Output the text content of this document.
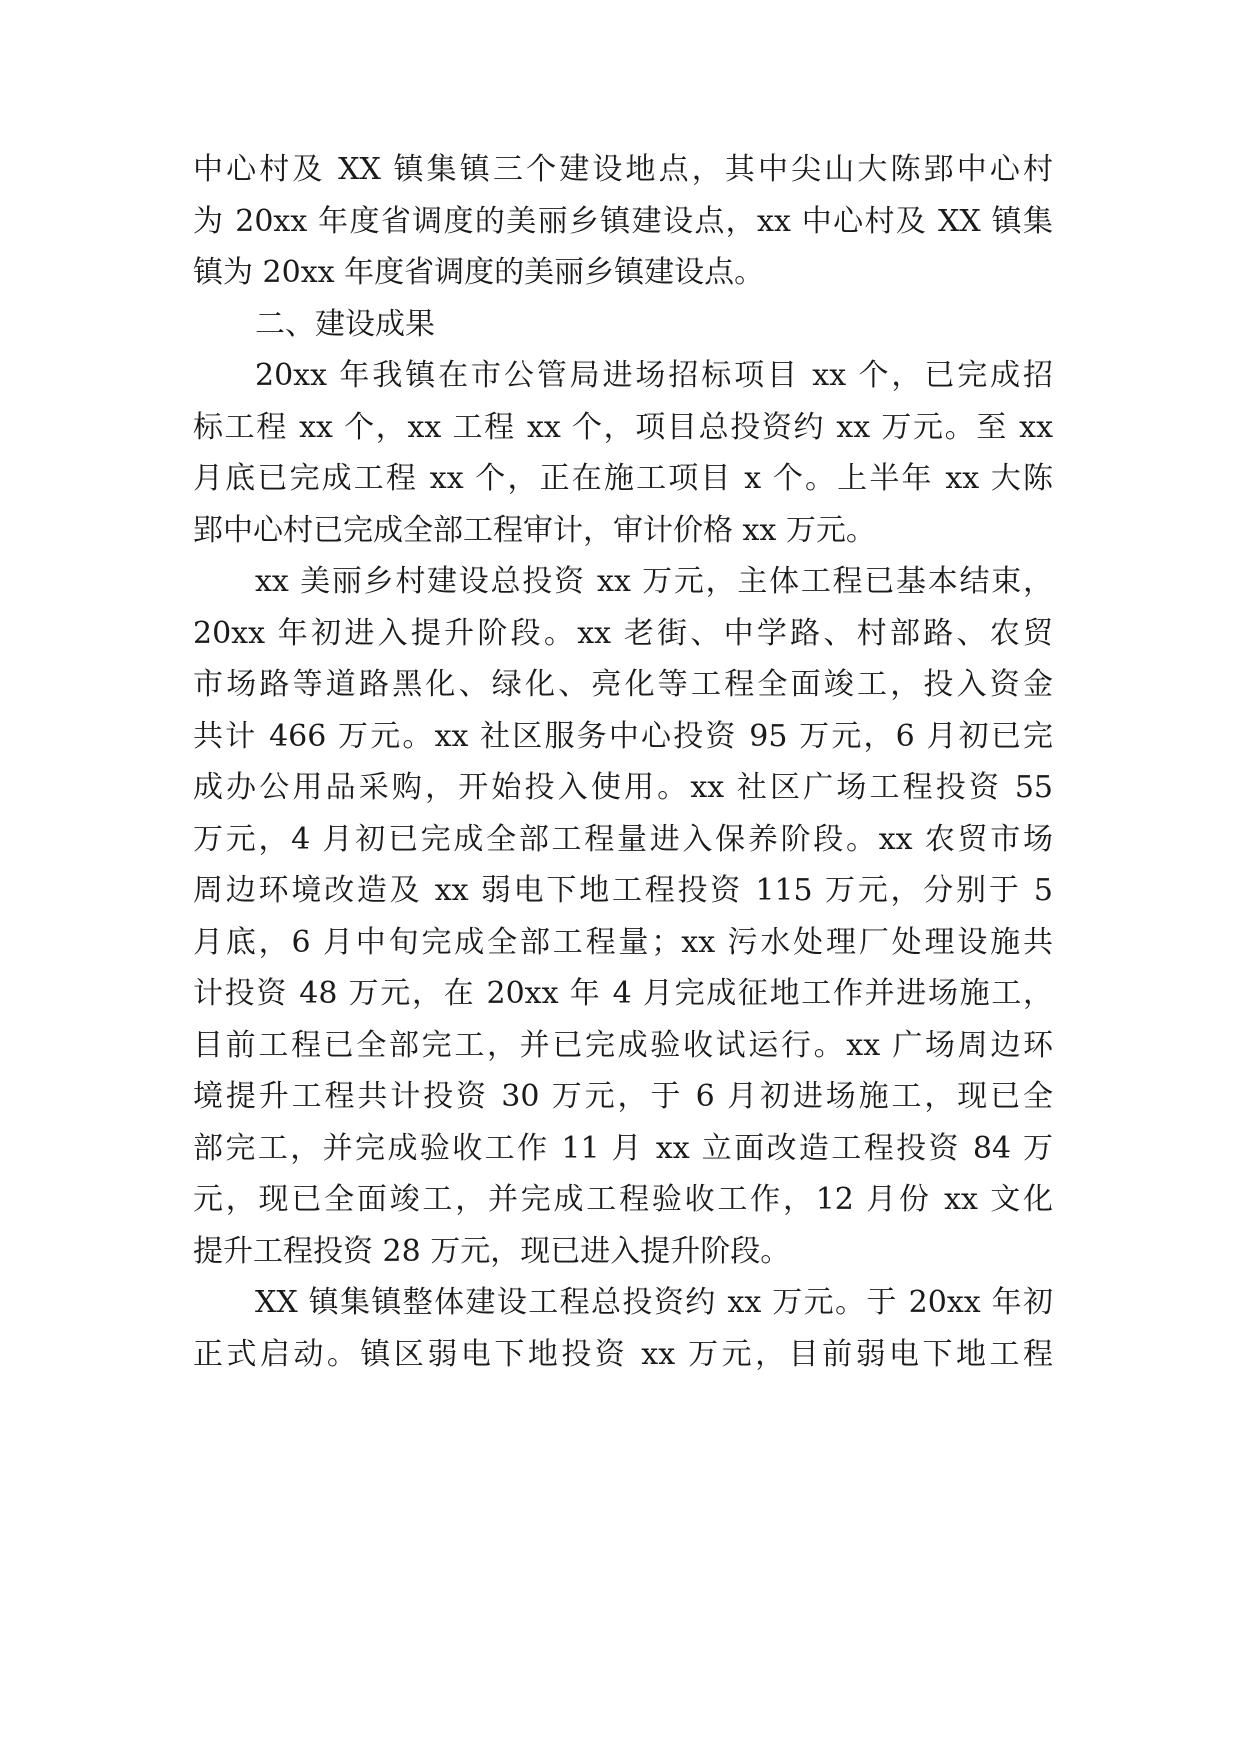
中心村及 XX 镇集镇三个建设地点，其中尖山大陈郢中心村
为 20xx 年度省调度的美丽乡镇建设点，xx 中心村及 XX 镇集
镇为 20xx 年度省调度的美丽乡镇建设点。
二、建设成果
20xx 年我镇在市公管局进场招标项目 xx 个，已完成招
标工程 xx 个，xx 工程 xx 个，项目总投资约 xx 万元。至 xx
月底已完成工程 xx 个，正在施工项目 x 个。上半年 xx 大陈
郢中心村已完成全部工程审计，审计价格 xx 万元。
xx 美丽乡村建设总投资 xx 万元，主体工程已基本结束，
20xx 年初进入提升阶段。xx 老街、中学路、村部路、农贸
市场路等道路黑化、绿化、亮化等工程全面竣工，投入资金
共计 466 万元。xx 社区服务中心投资 95 万元，6 月初已完
成办公用品采购，开始投入使用。xx 社区广场工程投资 55
万元，4 月初已完成全部工程量进入保养阶段。xx 农贸市场
周边环境改造及 xx 弱电下地工程投资 115 万元，分别于 5
月底，6 月中旬完成全部工程量；xx 污水处理厂处理设施共
计投资 48 万元，在 20xx 年 4 月完成征地工作并进场施工，
目前工程已全部完工，并已完成验收试运行。xx 广场周边环
境提升工程共计投资 30 万元，于 6 月初进场施工，现已全
部完工，并完成验收工作 11 月 xx 立面改造工程投资 84 万
元，现已全面竣工，并完成工程验收工作，12 月份 xx 文化
提升工程投资 28 万元，现已进入提升阶段。
XX 镇集镇整体建设工程总投资约 xx 万元。于 20xx 年初
正式启动。镇区弱电下地投资 xx 万元，目前弱电下地工程
